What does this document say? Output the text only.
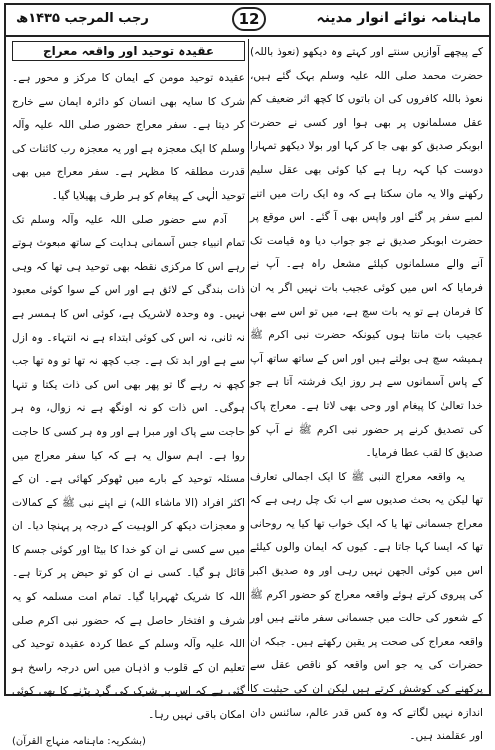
ماہنامہ نوائے انوار مدینہ
12
رجب المرجب ۱۴۳۵ھ

کے پیچھے آوازیں سنتے اور کہتے وہ دیکھو (نعوذ باللہ) حضرت محمد صلی اللہ علیہ وسلم بہک گئے ہیں، نعوذ باللہ کافروں کی ان باتوں کا کچھ اثر ضعیف کم عقل مسلمانوں پر بھی ہوا اور کسی نے حضرت ابوبکر صدیق کو بھی جا کر کہا اور بولا دیکھو تمہارا دوست کیا کہہ رہا ہے کیا کوئی بھی عقل سلیم رکھنے والا یہ مان سکتا ہے کہ وہ ایک رات میں اتنے لمبے سفر پر گئے اور واپس بھی آ گئے۔ اس موقع پر حضرت ابوبکر صدیق نے جو جواب دیا وہ قیامت تک آنے والے مسلمانوں کیلئے مشعل راہ ہے۔ آپ نے فرمایا کہ اس میں کوئی عجیب بات نہیں اگر یہ ان کا فرمان ہے تو یہ بات سچ ہے، میں تو اس سے بھی عجیب بات مانتا ہوں کیونکہ حضرت نبی اکرم ﷺ ہمیشہ سچ ہی بولتے ہیں اور اس کے ساتھ ساتھ آپ کے پاس آسمانوں سے ہر روز ایک فرشتہ آتا ہے جو خدا تعالیٰ کا پیغام اور وحی بھی لاتا ہے۔ معراج پاک کی تصدیق کرنے پر حضور نبی اکرم ﷺ نے آپ کو صدیق کا لقب عطا فرمایا۔

یہ واقعہ معراج النبی ﷺ کا ایک اجمالی تعارف تھا لیکن یہ بحث صدیوں سے اب تک چل رہی ہے کہ معراج جسمانی تھا یا کہ ایک خواب تھا کیا یہ روحانی تھا کہ ایسا کہا جاتا ہے۔ کیوں کہ ایمان والوں کیلئے اس میں کوئی الجھن نہیں رہی اور وہ صدیق اکبر کی پیروی کرتے ہوئے واقعہ معراج کو حضور اکرم ﷺ کے شعور کی حالت میں جسمانی سفر مانتے ہیں اور واقعہ معراج کی صحت پر یقین رکھتے ہیں۔ جبکہ ان حضرات کی یہ جو اس واقعہ کو ناقص عقل سے پرکھنے کی کوشش کرتے ہیں لیکن ان کی حیثیت کا اندازہ نہیں لگاتے کہ وہ کس قدر عالم، سائنس دان اور عقلمند ہیں۔

عقیدہ توحید اور واقعہ معراج

عقیدہ توحید مومن کے ایمان کا مرکز و محور ہے۔ شرک کا سایہ بھی انسان کو دائرہ ایمان سے خارج کر دیتا ہے۔ سفر معراج حضور صلی اللہ علیہ وآلہ وسلم کا ایک معجزہ ہے اور یہ معجزہ رب کائنات کی قدرت مطلقہ کا مظہر ہے۔ سفر معراج میں بھی توحید الٰہی کے پیغام کو ہر طرف پھیلایا گیا۔

آدم سے حضور صلی اللہ علیہ وآلہ وسلم تک تمام انبیاء جس آسمانی ہدایت کے ساتھ مبعوث ہوتے رہے اس کا مرکزی نقطہ بھی توحید ہی تھا کہ وہی ذات بندگی کے لائق ہے اور اس کے سوا کوئی معبود نہیں۔ وہ وحدہ لاشریک ہے، کوئی اس کا ہمسر ہے نہ ثانی، نہ اس کی کوئی ابتداء ہے نہ انتہاء۔ وہ ازل سے ہے اور ابد تک ہے۔ جب کچھ نہ تھا تو وہ تھا جب کچھ نہ رہے گا تو پھر بھی اس کی ذات یکتا و تنہا ہوگی۔ اس ذات کو نہ اونگھ ہے نہ زوال، وہ ہر حاجت سے پاک اور مبرا ہے اور وہ ہر کسی کا حاجت روا ہے۔ اہم سوال یہ ہے کہ کیا سفر معراج میں مسئلہ توحید کے بارے میں ٹھوکر کھائی ہے۔ ان کے اکثر افراد (الا ماشاء اللہ) نے اپنے نبی ﷺ کے کمالات و معجزات دیکھ کر الوہیت کے درجہ پر پہنچا دیا۔ ان میں سے کسی نے ان کو خدا کا بیٹا اور کوئی جسم کا قائل ہو گیا۔ کسی نے ان کو تو حیض پر کرتا ہے۔ اللہ کا شریک ٹھہرایا گیا۔ تمام امت مسلمہ کو یہ شرف و افتخار حاصل ہے کہ حضور نبی اکرم صلی اللہ علیہ وآلہ وسلم کے عطا کردہ عقیدہ توحید کی تعلیم ان کے قلوب و اذہان میں اس درجہ راسخ ہو گئی ہے کہ اس پر شرک کی گرد پڑنے کا بھی کوئی امکان باقی نہیں رہا۔

(بشکریہ: ماہنامہ منہاج القرآن)
